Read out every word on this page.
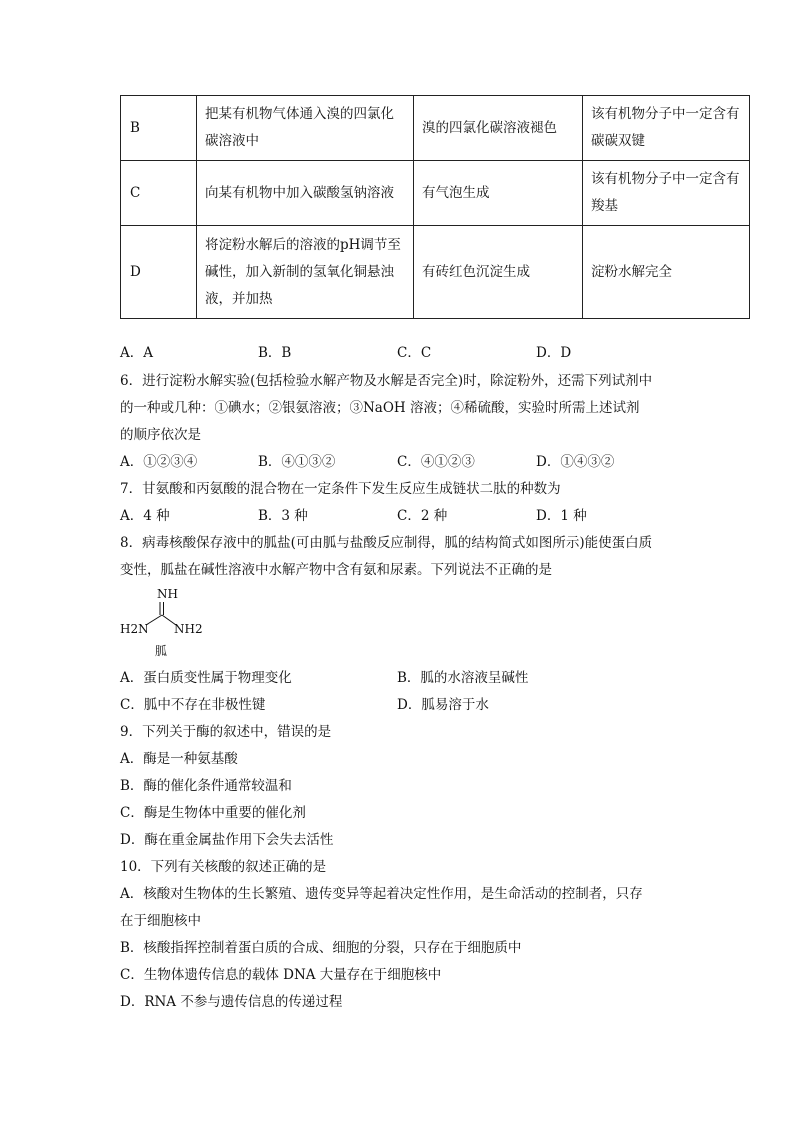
B	把某有机物气体通入溴的四氯化碳溶液中	溴的四氯化碳溶液褪色	该有机物分子中一定含有碳碳双键
C	向某有机物中加入碳酸氢钠溶液	有气泡生成	该有机物分子中一定含有羧基
D	将淀粉水解后的溶液的pH调节至碱性，加入新制的氢氧化铜悬浊液，并加热	有砖红色沉淀生成	淀粉水解完全
A．A	B．B	C．C	D．D
6．进行淀粉水解实验(包括检验水解产物及水解是否完全)时，除淀粉外，还需下列试剂中
的一种或几种：①碘水；②银氨溶液；③NaOH 溶液；④稀硫酸，实验时所需上述试剂
的顺序依次是
A．①②③④	B．④①③②	C．④①②③	D．①④③②
7．甘氨酸和丙氨酸的混合物在一定条件下发生反应生成链状二肽的种数为
A．4 种	B．3 种	C．2 种	D．1 种
8．病毒核酸保存液中的胍盐(可由胍与盐酸反应制得，胍的结构简式如图所示)能使蛋白质
变性，胍盐在碱性溶液中水解产物中含有氨和尿素。下列说法不正确的是
NH
H2N NH2
胍
A．蛋白质变性属于物理变化	B．胍的水溶液呈碱性
C．胍中不存在非极性键	D．胍易溶于水
9．下列关于酶的叙述中，错误的是
A．酶是一种氨基酸
B．酶的催化条件通常较温和
C．酶是生物体中重要的催化剂
D．酶在重金属盐作用下会失去活性
10．下列有关核酸的叙述正确的是
A．核酸对生物体的生长繁殖、遗传变异等起着决定性作用，是生命活动的控制者，只存
在于细胞核中
B．核酸指挥控制着蛋白质的合成、细胞的分裂，只存在于细胞质中
C．生物体遗传信息的载体 DNA 大量存在于细胞核中
D．RNA 不参与遗传信息的传递过程
